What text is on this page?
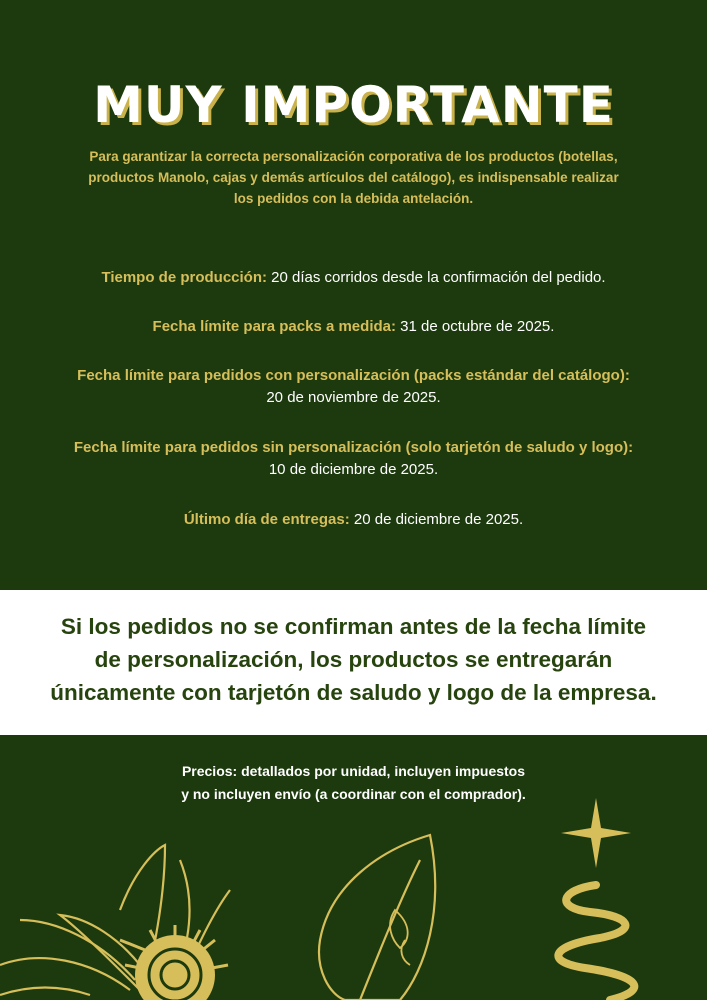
MUY IMPORTANTE
Para garantizar la correcta personalización corporativa de los productos (botellas,
productos Manolo, cajas y demás artículos del catálogo), es indispensable realizar
los pedidos con la debida antelación.
Tiempo de producción: 20 días corridos desde la confirmación del pedido.
Fecha límite para packs a medida: 31 de octubre de 2025.
Fecha límite para pedidos con personalización (packs estándar del catálogo):
20 de noviembre de 2025.
Fecha límite para pedidos sin personalización (solo tarjetón de saludo y logo):
10 de diciembre de 2025.
Último día de entregas: 20 de diciembre de 2025.
Si los pedidos no se confirman antes de la fecha límite
de personalización, los productos se entregarán
únicamente con tarjetón de saludo y logo de la empresa.
Precios: detallados por unidad, incluyen impuestos
y no incluyen envío (a coordinar con el comprador).
